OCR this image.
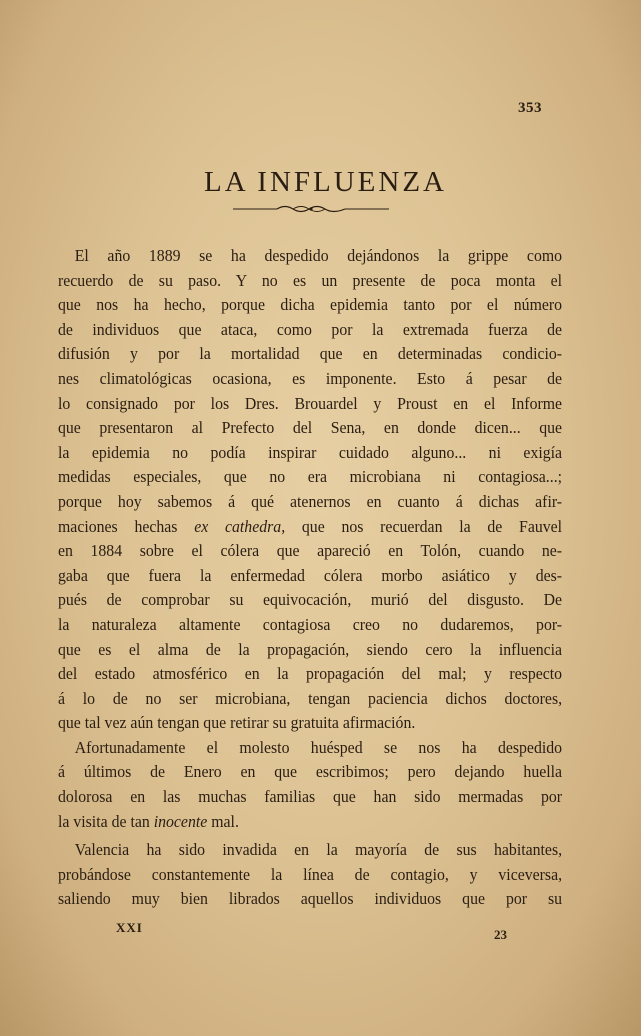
353
LA INFLUENZA
El año 1889 se ha despedido dejándonos la grippe como
recuerdo de su paso. Y no es un presente de poca monta el
que nos ha hecho, porque dicha epidemia tanto por el número
de individuos que ataca, como por la extremada fuerza de
difusión y por la mortalidad que en determinadas condicio-
nes climatológicas ocasiona, es imponente. Esto á pesar de
lo consignado por los Dres. Brouardel y Proust en el Informe
que presentaron al Prefecto del Sena, en donde dicen... que
la epidemia no podía inspirar cuidado alguno... ni exigía
medidas especiales, que no era microbiana ni contagiosa...;
porque hoy sabemos á qué atenernos en cuanto á dichas afir-
maciones hechas ex cathedra, que nos recuerdan la de Fauvel
en 1884 sobre el cólera que apareció en Tolón, cuando ne-
gaba que fuera la enfermedad cólera morbo asiático y des-
pués de comprobar su equivocación, murió del disgusto. De
la naturaleza altamente contagiosa creo no dudaremos, por-
que es el alma de la propagación, siendo cero la influencia
del estado atmosférico en la propagación del mal; y respecto
á lo de no ser microbiana, tengan paciencia dichos doctores,
que tal vez aún tengan que retirar su gratuita afirmación.
Afortunadamente el molesto huésped se nos ha despedido
á últimos de Enero en que escribimos; pero dejando huella
dolorosa en las muchas familias que han sido mermadas por
la visita de tan inocente mal.
Valencia ha sido invadida en la mayoría de sus habitantes,
probándose constantemente la línea de contagio, y viceversa,
saliendo muy bien librados aquellos individuos que por su
XXI	23
